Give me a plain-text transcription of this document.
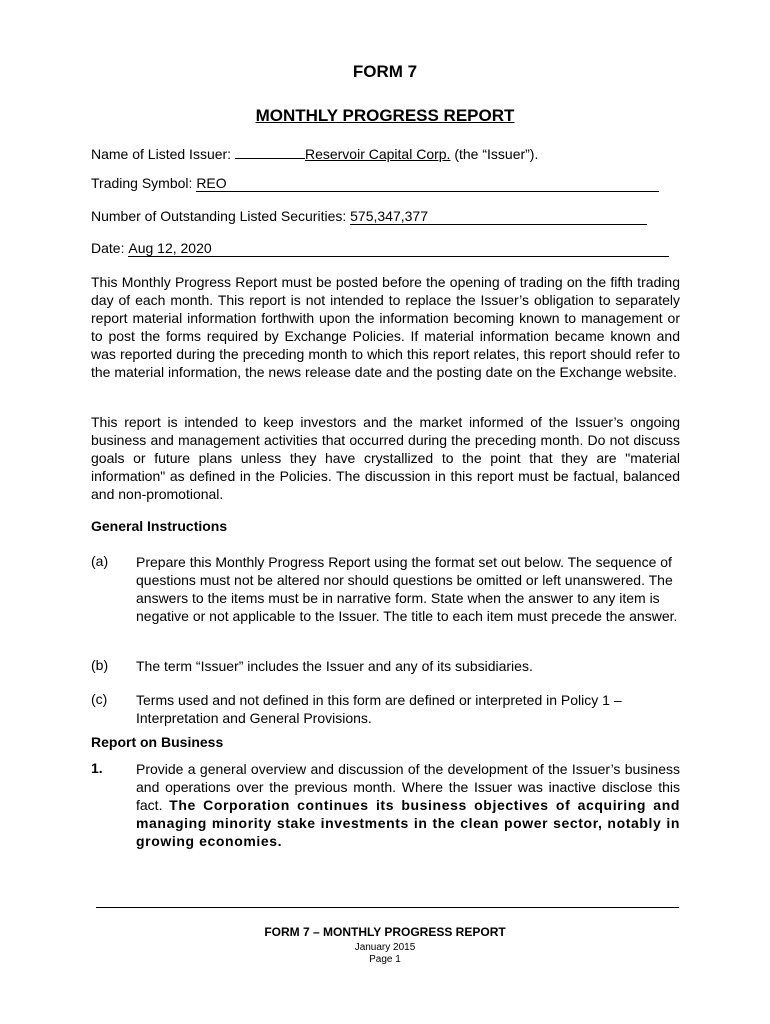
FORM 7
MONTHLY PROGRESS REPORT
Name of Listed Issuer:	Reservoir Capital Corp. (the “Issuer”).
Trading Symbol: REO
Number of Outstanding Listed Securities: 575,347,377
Date: Aug 12, 2020

This Monthly Progress Report must be posted before the opening of trading on the fifth trading day of each month. This report is not intended to replace the Issuer’s obligation to separately report material information forthwith upon the information becoming known to management or to post the forms required by Exchange Policies. If material information became known and was reported during the preceding month to which this report relates, this report should refer to the material information, the news release date and the posting date on the Exchange website.

This report is intended to keep investors and the market informed of the Issuer’s ongoing business and management activities that occurred during the preceding month. Do not discuss goals or future plans unless they have crystallized to the point that they are "material information" as defined in the Policies. The discussion in this report must be factual, balanced and non-promotional.

General Instructions
(a) Prepare this Monthly Progress Report using the format set out below. The sequence of questions must not be altered nor should questions be omitted or left unanswered. The answers to the items must be in narrative form. State when the answer to any item is negative or not applicable to the Issuer. The title to each item must precede the answer.

(b) The term “Issuer” includes the Issuer and any of its subsidiaries.

(c) Terms used and not defined in this form are defined or interpreted in Policy 1 – Interpretation and General Provisions.

Report on Business
1. Provide a general overview and discussion of the development of the Issuer’s business and operations over the previous month. Where the Issuer was inactive disclose this fact. The Corporation continues its business objectives of acquiring and managing minority stake investments in the clean power sector, notably in growing economies.

FORM 7 – MONTHLY PROGRESS REPORT
January 2015
Page 1
